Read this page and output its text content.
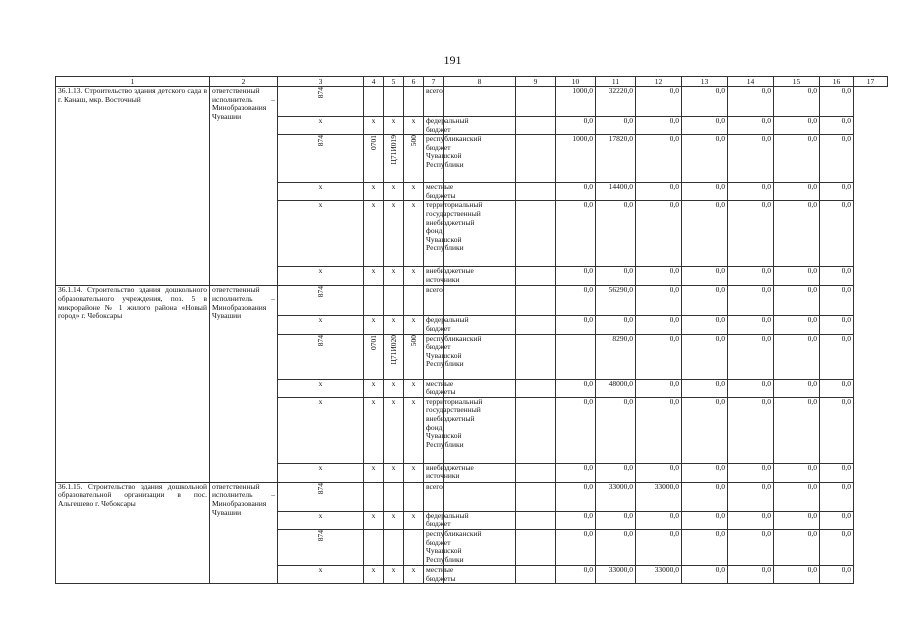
191
1	2	3	4	5	6	7	8	9	10	11	12	13	14	15	16	17
36.1.13. Строительство здания детского сада в г. Канаш, мкр. Восточный	ответственный исполнитель – Минобразования Чувашии	874				всего			1000,0	32220,0	0,0	0,0	0,0	0,0	0,0	
		x	x	x	x	федеральный бюджет			0,0	0,0	0,0	0,0	0,0	0,0	0,0	

		874	0701	Ц71И019	500	республиканский бюджет Чувашской Республики			1000,0	17820,0	0,0	0,0	0,0	0,0	0,0	
		x	x	x	x	местные бюджеты			0,0	14400,0	0,0	0,0	0,0	0,0	0,0	
		x	x	x	x	территориальный государственный внебюджетный фонд Чувашской Республики			0,0	0,0	0,0	0,0	0,0	0,0	0,0	
		x	x	x	x	внебюджетные источники			0,0	0,0	0,0	0,0	0,0	0,0	0,0	
36.1.14. Строительство здания дошкольного образовательного учреждения, поз. 5 в микрорайоне № 1 жилого района «Новый город» г. Чебоксары	ответственный исполнитель – Минобразования Чувашии	874				всего			0,0	56290,0	0,0	0,0	0,0	0,0	0,0	
		x	x	x	x	федеральный бюджет			0,0	0,0	0,0	0,0	0,0	0,0	0,0	

		874	0701	Ц71И020	500	республиканский бюджет Чувашской Республики				8290,0	0,0	0,0	0,0	0,0	0,0	
		x	x	x	x	местные бюджеты			0,0	48000,0	0,0	0,0	0,0	0,0	0,0	
		x	x	x	x	территориальный государственный внебюджетный фонд Чувашской Республики			0,0	0,0	0,0	0,0	0,0	0,0	0,0	
		x	x	x	x	внебюджетные источники			0,0	0,0	0,0	0,0	0,0	0,0	0,0	
36.1.15. Строительство здания дошкольной образовательной организации в пос. Альгешево г. Чебоксары	ответственный исполнитель – Минобразования Чувашии	874				всего			0,0	33000,0	33000,0	0,0	0,0	0,0	0,0	
		x	x	x	x	федеральный бюджет			0,0	0,0	0,0	0,0	0,0	0,0	0,0	

		874				республиканский бюджет Чувашской Республики			0,0	0,0	0,0	0,0	0,0	0,0	0,0	
		x	x	x	x	местные бюджеты			0,0	33000,0	33000,0	0,0	0,0	0,0	0,0	
